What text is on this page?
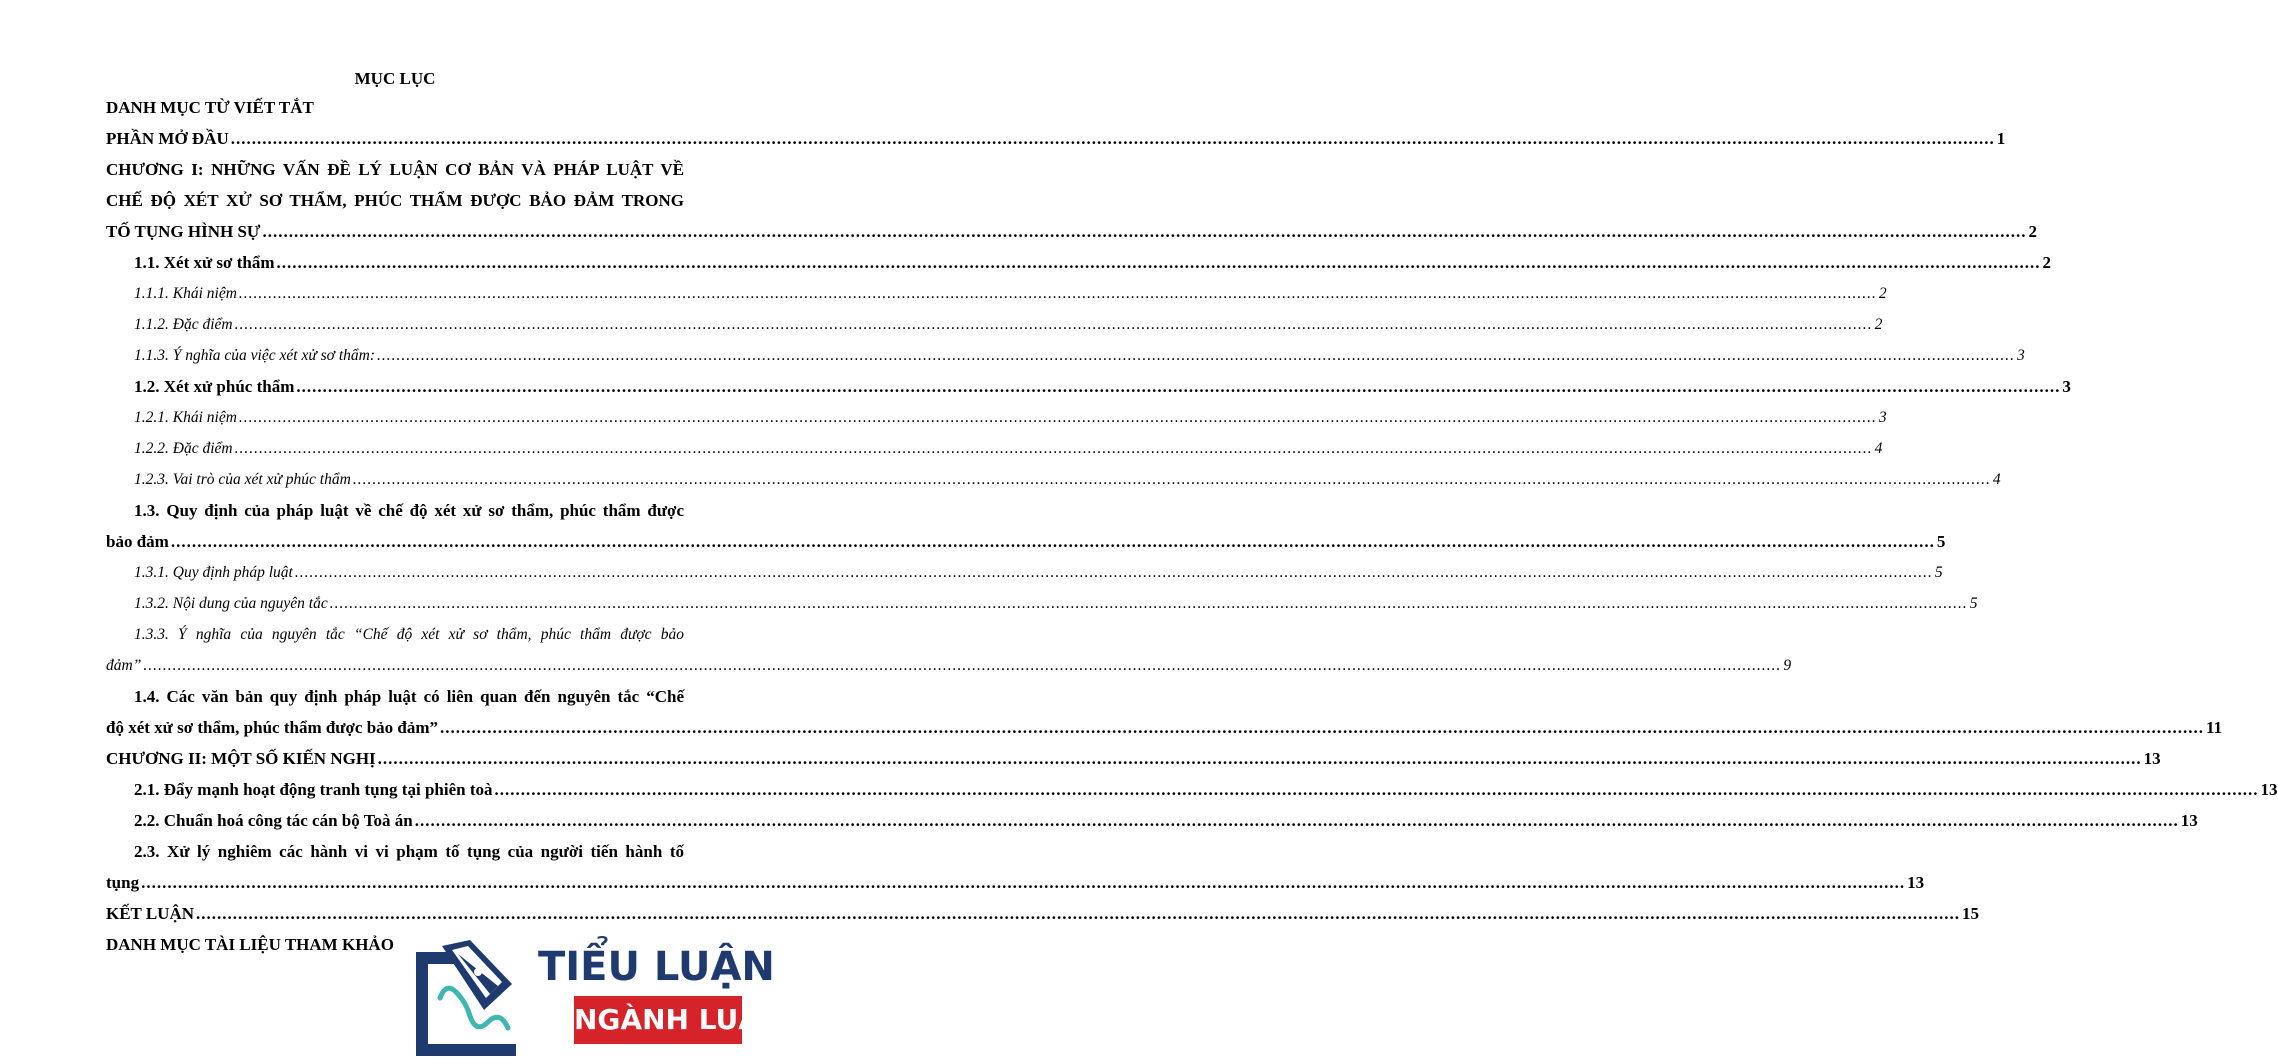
MỤC LỤC
DANH MỤC TỪ VIẾT TẮT
PHẦN MỞ ĐẦU .....	1
CHƯƠNG I: NHỮNG VẤN ĐỀ LÝ LUẬN CƠ BẢN VÀ PHÁP LUẬT VỀ
CHẾ ĐỘ XÉT XỬ SƠ THẨM, PHÚC THẨM ĐƯỢC BẢO ĐẢM TRONG
TỐ TỤNG HÌNH SỰ .....	2
1.1. Xét xử sơ thẩm .....	2
1.1.1. Khái niệm .....	2
1.1.2. Đặc điểm .....	2
1.1.3. Ý nghĩa của việc xét xử sơ thẩm: .....	3
1.2. Xét xử phúc thẩm .....	3
1.2.1. Khái niệm .....	3
1.2.2. Đặc điểm .....	4
1.2.3. Vai trò của xét xử phúc thẩm .....	4
1.3. Quy định của pháp luật về chế độ xét xử sơ thẩm, phúc thẩm được
bảo đảm .....	5
1.3.1. Quy định pháp luật .....	5
1.3.2. Nội dung của nguyên tắc .....	5
1.3.3. Ý nghĩa của nguyên tắc “Chế độ xét xử sơ thẩm, phúc thẩm được bảo
đảm” .....	9
1.4. Các văn bản quy định pháp luật có liên quan đến nguyên tắc “Chế
độ xét xử sơ thẩm, phúc thẩm được bảo đảm” .....	11
CHƯƠNG II: MỘT SỐ KIẾN NGHỊ .....	13
2.1. Đẩy mạnh hoạt động tranh tụng tại phiên toà .....	13
2.2. Chuẩn hoá công tác cán bộ Toà án .....	13
2.3. Xử lý nghiêm các hành vi vi phạm tố tụng của người tiến hành tố
tụng .....	13
KẾT LUẬN .....	15
DANH MỤC TÀI LIỆU THAM KHẢO	TIỂU LUẬN
NGÀNH LUẬT
